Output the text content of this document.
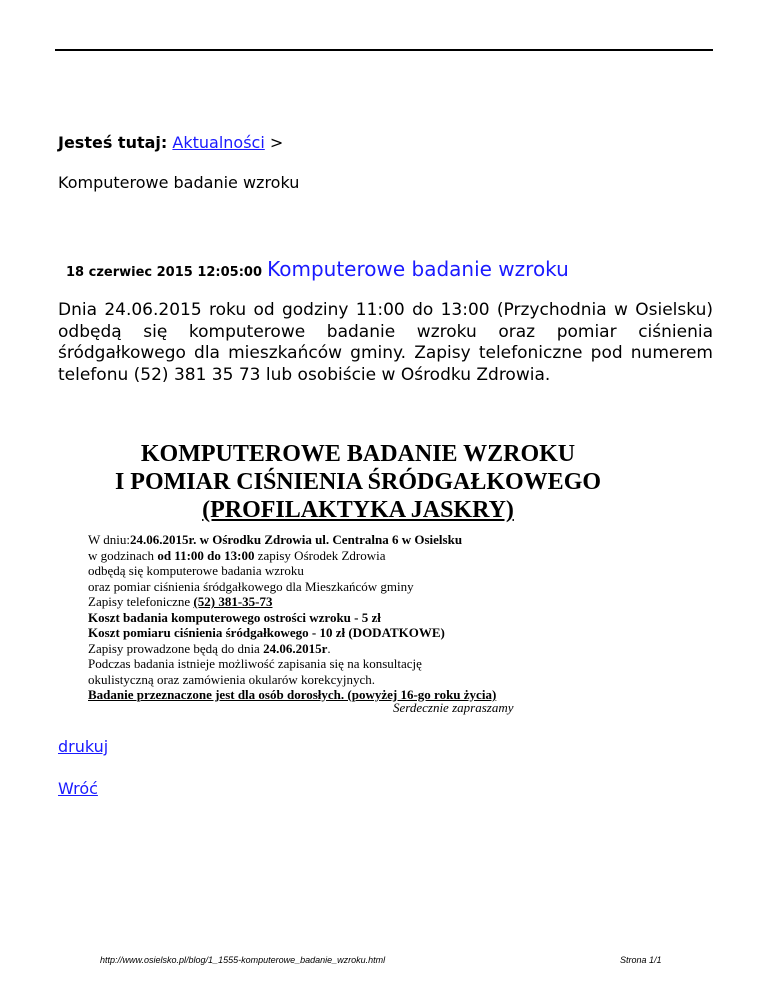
Jesteś tutaj: Aktualności >
Komputerowe badanie wzroku
18 czerwiec 2015 12:05:00 Komputerowe badanie wzroku
Dnia 24.06.2015 roku od godziny 11:00 do 13:00 (Przychodnia w Osielsku) odbędą się komputerowe badanie wzroku oraz pomiar ciśnienia śródgałkowego dla mieszkańców gminy. Zapisy telefoniczne pod numerem telefonu (52) 381 35 73 lub osobiście w Ośrodku Zdrowia.

KOMPUTEROWE BADANIE WZROKU

I POMIAR CIŚNIENIA ŚRÓDGAŁKOWEGO

(PROFILAKTYKA JASKRY)

W dniu:24.06.2015r. w Ośrodku Zdrowia ul. Centralna 6 w Osielsku
w godzinach od 11:00 do 13:00 zapisy Ośrodek Zdrowia
odbędą się komputerowe badania wzroku
oraz pomiar ciśnienia śródgałkowego dla Mieszkańców gminy
Zapisy telefoniczne (52) 381-35-73
Koszt badania komputerowego ostrości wzroku - 5 zł
Koszt pomiaru ciśnienia śródgałkowego - 10 zł (DODATKOWE)
Zapisy prowadzone będą do dnia 24.06.2015r.
Podczas badania istnieje możliwość zapisania się na konsultację
okulistyczną oraz zamówienia okularów korekcyjnych.
Badanie przeznaczone jest dla osób dorosłych. (powyżej 16-go roku życia)
Serdecznie zapraszamy
drukuj
Wróć
http://www.osielsko.pl/blog/1_1555-komputerowe_badanie_wzroku.html	Strona 1/1
